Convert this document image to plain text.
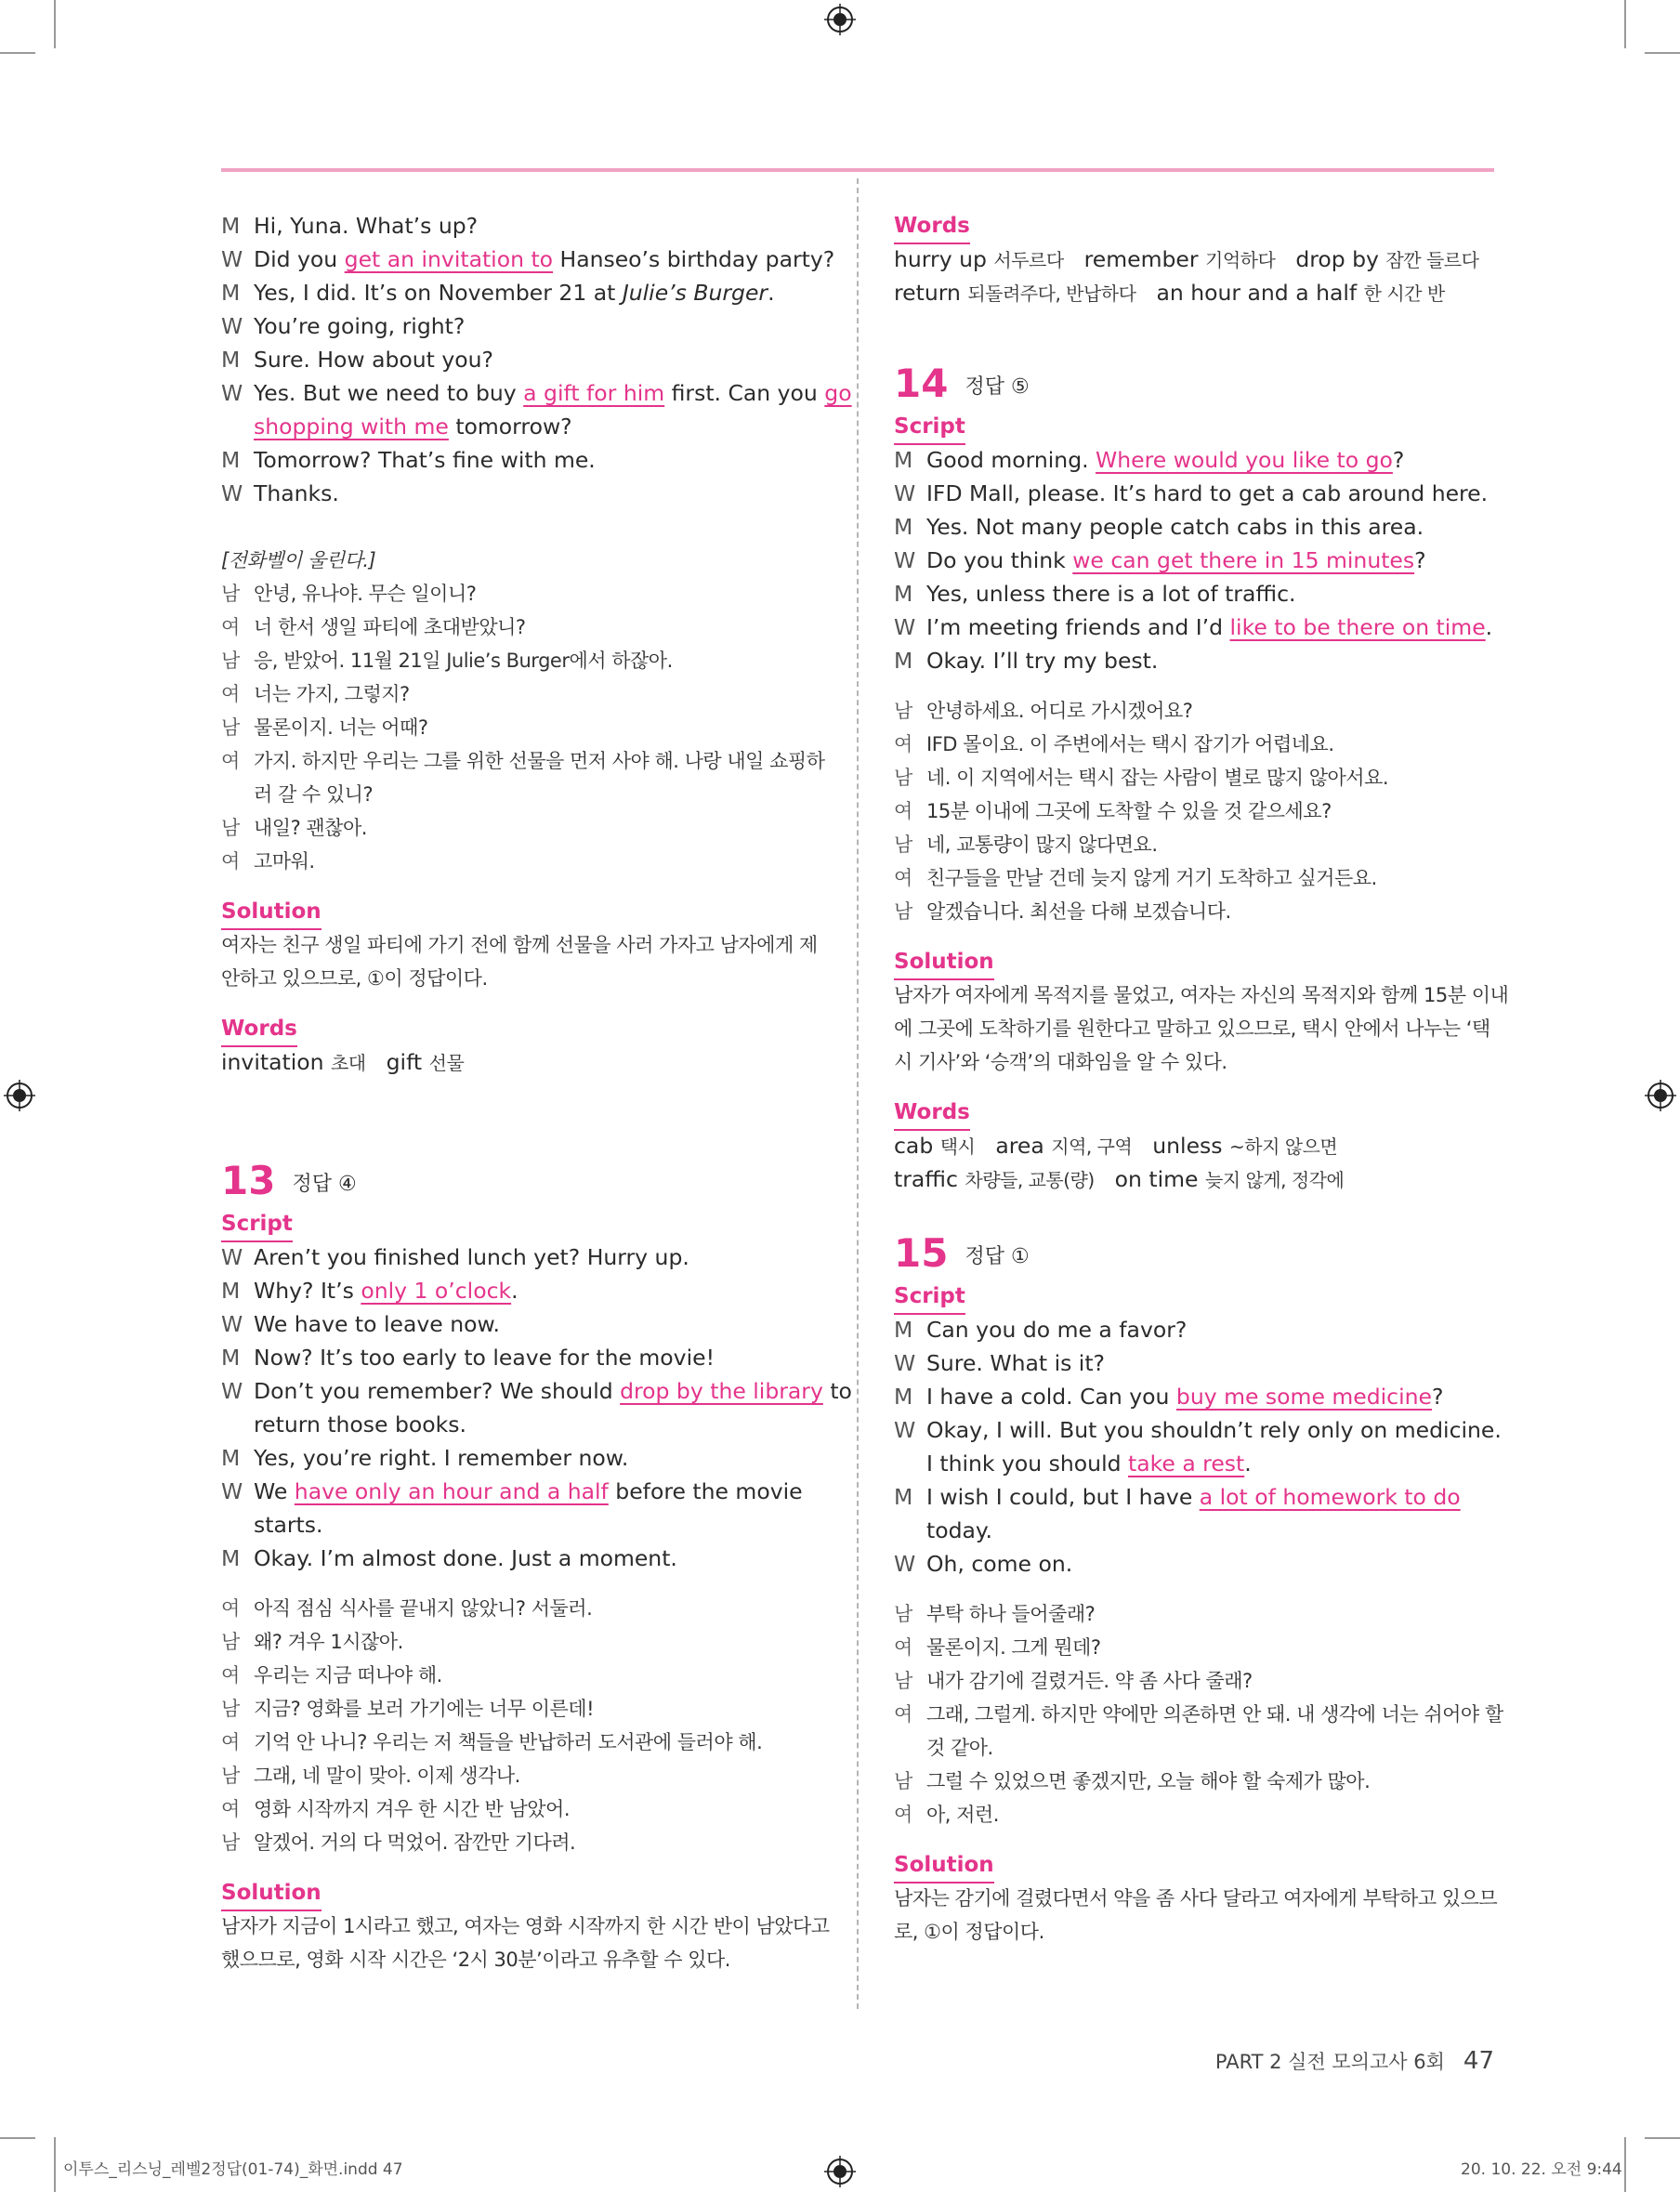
M Hi, Yuna. What’s up?
W Did you get an invitation to Hanseo’s birthday party?
M Yes, I did. It’s on November 21 at Julie’s Burger.
W You’re going, right?
M Sure. How about you?
W Yes. But we need to buy a gift for him first. Can you go
shopping with me tomorrow?
M Tomorrow? That’s fine with me.
W Thanks.
[전화벨이 울린다.]
남 안녕, 유나야. 무슨 일이니?
여 너 한서 생일 파티에 초대받았니?
남 응, 받았어. 11월 21일 Julie’s Burger에서 하잖아.
여 너는 가지, 그렇지?
남 물론이지. 너는 어때?
여 가지. 하지만 우리는 그를 위한 선물을 먼저 사야 해. 나랑 내일 쇼핑하
러 갈 수 있니?
남 내일? 괜찮아.
여 고마워.
Solution
여자는 친구 생일 파티에 가기 전에 함께 선물을 사러 가자고 남자에게 제
안하고 있으므로, ①이 정답이다.
Words
invitation 초대 gift 선물
13 정답 ④
Script
W Aren’t you finished lunch yet? Hurry up.
M Why? It’s only 1 o’clock.
W We have to leave now.
M Now? It’s too early to leave for the movie!
W Don’t you remember? We should drop by the library to
return those books.
M Yes, you’re right. I remember now.
W We have only an hour and a half before the movie
starts.
M Okay. I’m almost done. Just a moment.
여 아직 점심 식사를 끝내지 않았니? 서둘러.
남 왜? 겨우 1시잖아.
여 우리는 지금 떠나야 해.
남 지금? 영화를 보러 가기에는 너무 이른데!
여 기억 안 나니? 우리는 저 책들을 반납하러 도서관에 들러야 해.
남 그래, 네 말이 맞아. 이제 생각나.
여 영화 시작까지 겨우 한 시간 반 남았어.
남 알겠어. 거의 다 먹었어. 잠깐만 기다려.
Solution
남자가 지금이 1시라고 했고, 여자는 영화 시작까지 한 시간 반이 남았다고
했으므로, 영화 시작 시간은 ‘2시 30분’이라고 유추할 수 있다.
Words
hurry up 서두르다 remember 기억하다 drop by 잠깐 들르다
return 되돌려주다, 반납하다 an hour and a half 한 시간 반
14 정답 ⑤
Script
M Good morning. Where would you like to go?
W IFD Mall, please. It’s hard to get a cab around here.
M Yes. Not many people catch cabs in this area.
W Do you think we can get there in 15 minutes?
M Yes, unless there is a lot of traffic.
W I’m meeting friends and I’d like to be there on time.
M Okay. I’ll try my best.
남 안녕하세요. 어디로 가시겠어요?
여 IFD 몰이요. 이 주변에서는 택시 잡기가 어렵네요.
남 네. 이 지역에서는 택시 잡는 사람이 별로 많지 않아서요.
여 15분 이내에 그곳에 도착할 수 있을 것 같으세요?
남 네, 교통량이 많지 않다면요.
여 친구들을 만날 건데 늦지 않게 거기 도착하고 싶거든요.
남 알겠습니다. 최선을 다해 보겠습니다.
Solution
남자가 여자에게 목적지를 물었고, 여자는 자신의 목적지와 함께 15분 이내
에 그곳에 도착하기를 원한다고 말하고 있으므로, 택시 안에서 나누는 ‘택
시 기사’와 ‘승객’의 대화임을 알 수 있다.
Words
cab 택시 area 지역, 구역 unless ~하지 않으면
traffic 차량들, 교통(량) on time 늦지 않게, 정각에
15 정답 ①
Script
M Can you do me a favor?
W Sure. What is it?
M I have a cold. Can you buy me some medicine?
W Okay, I will. But you shouldn’t rely only on medicine.
I think you should take a rest.
M I wish I could, but I have a lot of homework to do
today.
W Oh, come on.
남 부탁 하나 들어줄래?
여 물론이지. 그게 뭔데?
남 내가 감기에 걸렸거든. 약 좀 사다 줄래?
여 그래, 그럴게. 하지만 약에만 의존하면 안 돼. 내 생각에 너는 쉬어야 할
것 같아.
남 그럴 수 있었으면 좋겠지만, 오늘 해야 할 숙제가 많아.
여 아, 저런.
Solution
남자는 감기에 걸렸다면서 약을 좀 사다 달라고 여자에게 부탁하고 있으므
로, ①이 정답이다.
PART 2 실전 모의고사 6회 47
이투스_리스닝_레벨2정답(01-74)_화면.indd 47	20. 10. 22. 오전 9:44
